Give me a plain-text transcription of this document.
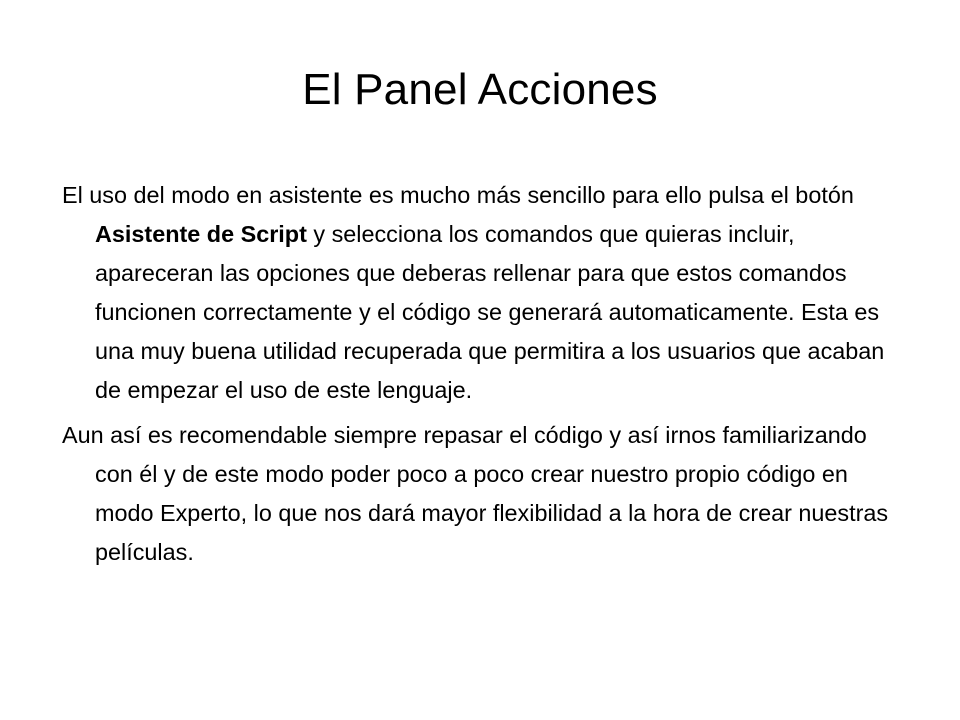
El Panel Acciones

El uso del modo en asistente es mucho más sencillo para ello pulsa el botón Asistente de Script y selecciona los comandos que quieras incluir, apareceran las opciones que deberas rellenar para que estos comandos funcionen correctamente y el código se generará automaticamente. Esta es una muy buena utilidad recuperada que permitira a los usuarios que acaban de empezar el uso de este lenguaje.

Aun así es recomendable siempre repasar el código y así irnos familiarizando con él y de este modo poder poco a poco crear nuestro propio código en modo Experto, lo que nos dará mayor flexibilidad a la hora de crear nuestras películas.
